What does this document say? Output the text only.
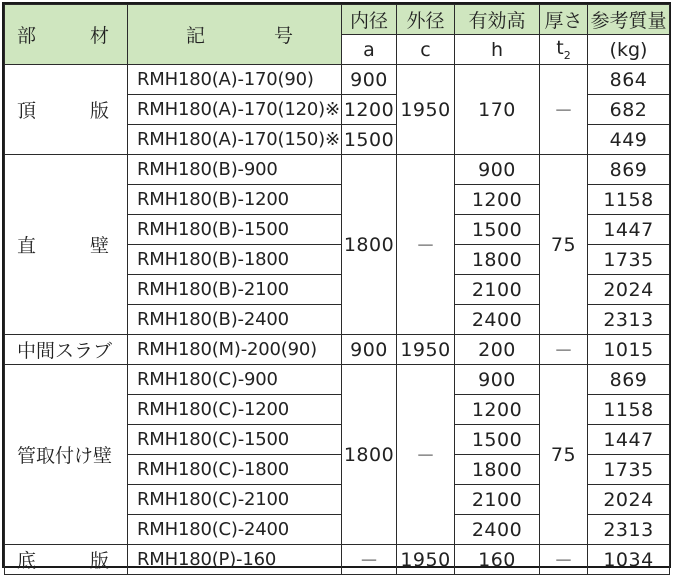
部 材	記 号	内径	外径	有効高	厚さ	参考質量
		a	c	h	$t_2$	(kg)

頂 版	RMH180(A)-170(90)	900	1950	170	－	864
	RMH180(A)-170(120)※	1200				682
	RMH180(A)-170(150)※	1500				449

直 壁	RMH180(B)-900	1800	－	900	75	869
	RMH180(B)-1200			1200		1158
	RMH180(B)-1500			1500		1447
	RMH180(B)-1800			1800		1735
	RMH180(B)-2100			2100		2024
	RMH180(B)-2400			2400		2313
中間スラブ	RMH180(M)-200(90)	900	1950	200	－	1015
管取付け壁	RMH180(C)-900	1800	－	900	75	869
	RMH180(C)-1200			1200		1158
	RMH180(C)-1500			1500		1447
	RMH180(C)-1800			1800		1735
	RMH180(C)-2100			2100		2024
	RMH180(C)-2400			2400		2313

底 版	RMH180(P)-160	－	1950	160	－	1034
